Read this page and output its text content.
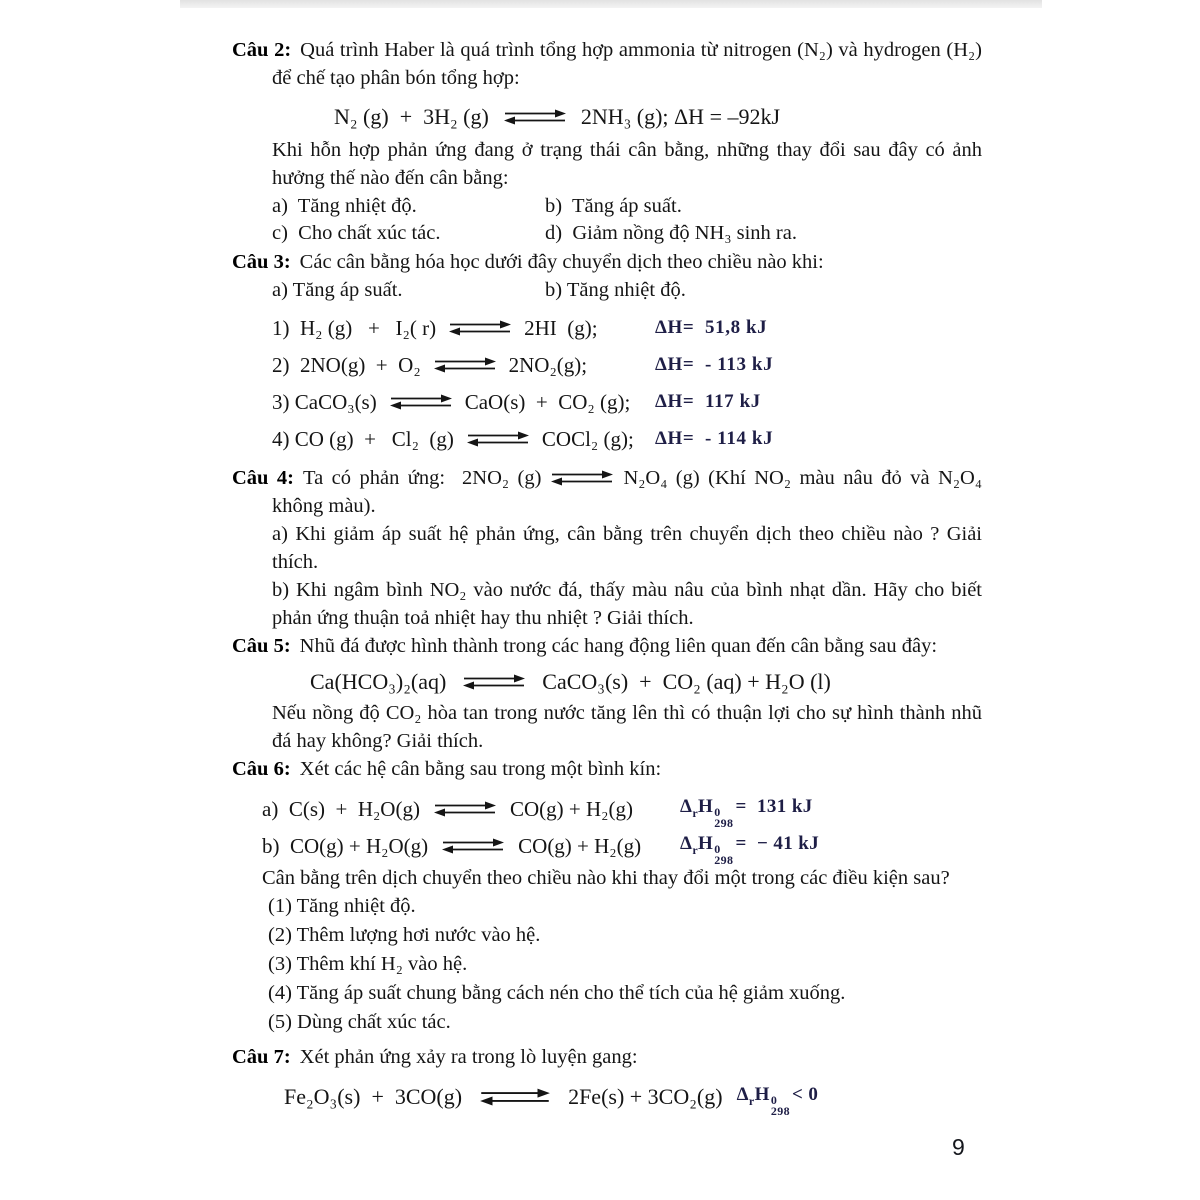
Câu 2: Quá trình Haber là quá trình tổng hợp ammonia từ nitrogen (N₂) và hydrogen (H₂) để chế tạo phân bón tổng hợp:

N₂ (g)  +  3H₂ (g) ⇌ 2NH₃ (g); ΔH = –92kJ

Khi hỗn hợp phản ứng đang ở trạng thái cân bằng, những thay đổi sau đây có ảnh hưởng thế nào đến cân bằng:

a)  Tăng nhiệt độ.	b)  Tăng áp suất.
c)  Cho chất xúc tác.	d)  Giảm nồng độ NH₃ sinh ra.

Câu 3: Các cân bằng hóa học dưới đây chuyển dịch theo chiều nào khi:

a) Tăng áp suất.	b) Tăng nhiệt độ.
1)  H₂ (g)   +   I₂( r) ⇌ 2HI  (g);	ΔH=  51,8 kJ
2)  2NO(g)  +  O₂ ⇌ 2NO₂(g);	ΔH=  - 113 kJ
3) CaCO₃(s) ⇌ CaO(s)  +  CO₂ (g); ΔH=  117 kJ
4) CO (g)  +   Cl₂  (g) ⇌ COCl₂ (g); ΔH=  - 114 kJ

Câu 4: Ta có phản ứng:  2NO₂ (g) ⇌ N₂O₄ (g) (Khí NO₂ màu nâu đỏ và N₂O₄ không màu).

a) Khi giảm áp suất hệ phản ứng, cân bằng trên chuyển dịch theo chiều nào ? Giải thích.

b) Khi ngâm bình NO₂ vào nước đá, thấy màu nâu của bình nhạt dần. Hãy cho biết phản ứng thuận toả nhiệt hay thu nhiệt ? Giải thích.

Câu 5: Nhũ đá được hình thành trong các hang động liên quan đến cân bằng sau đây:

Ca(HCO₃)₂(aq) ⇌ CaCO₃(s)  +  CO₂ (aq) + H₂O (l)

Nếu nồng độ CO₂ hòa tan trong nước tăng lên thì có thuận lợi cho sự hình thành nhũ đá hay không? Giải thích.

Câu 6: Xét các hệ cân bằng sau trong một bình kín:

a)  C(s)  +  H₂O(g) ⇌ CO(g) + H₂(g) Δ r H 0
298
=  131 kJ
b)  CO(g) + H₂O(g) ⇌ CO(g) + H₂(g) Δ r H 0
298
=  − 41 kJ

Cân bằng trên dịch chuyển theo chiều nào khi thay đổi một trong các điều kiện sau?

(1) Tăng nhiệt độ.

(2) Thêm lượng hơi nước vào hệ.

(3) Thêm khí H₂ vào hệ.

(4) Tăng áp suất chung bằng cách nén cho thể tích của hệ giảm xuống.

(5) Dùng chất xúc tác.

Câu 7: Xét phản ứng xảy ra trong lò luyện gang:

Fe₂O₃(s)  +  3CO(g) ⇌ 2Fe(s) + 3CO₂(g) Δ r H 0
298
< 0
9
